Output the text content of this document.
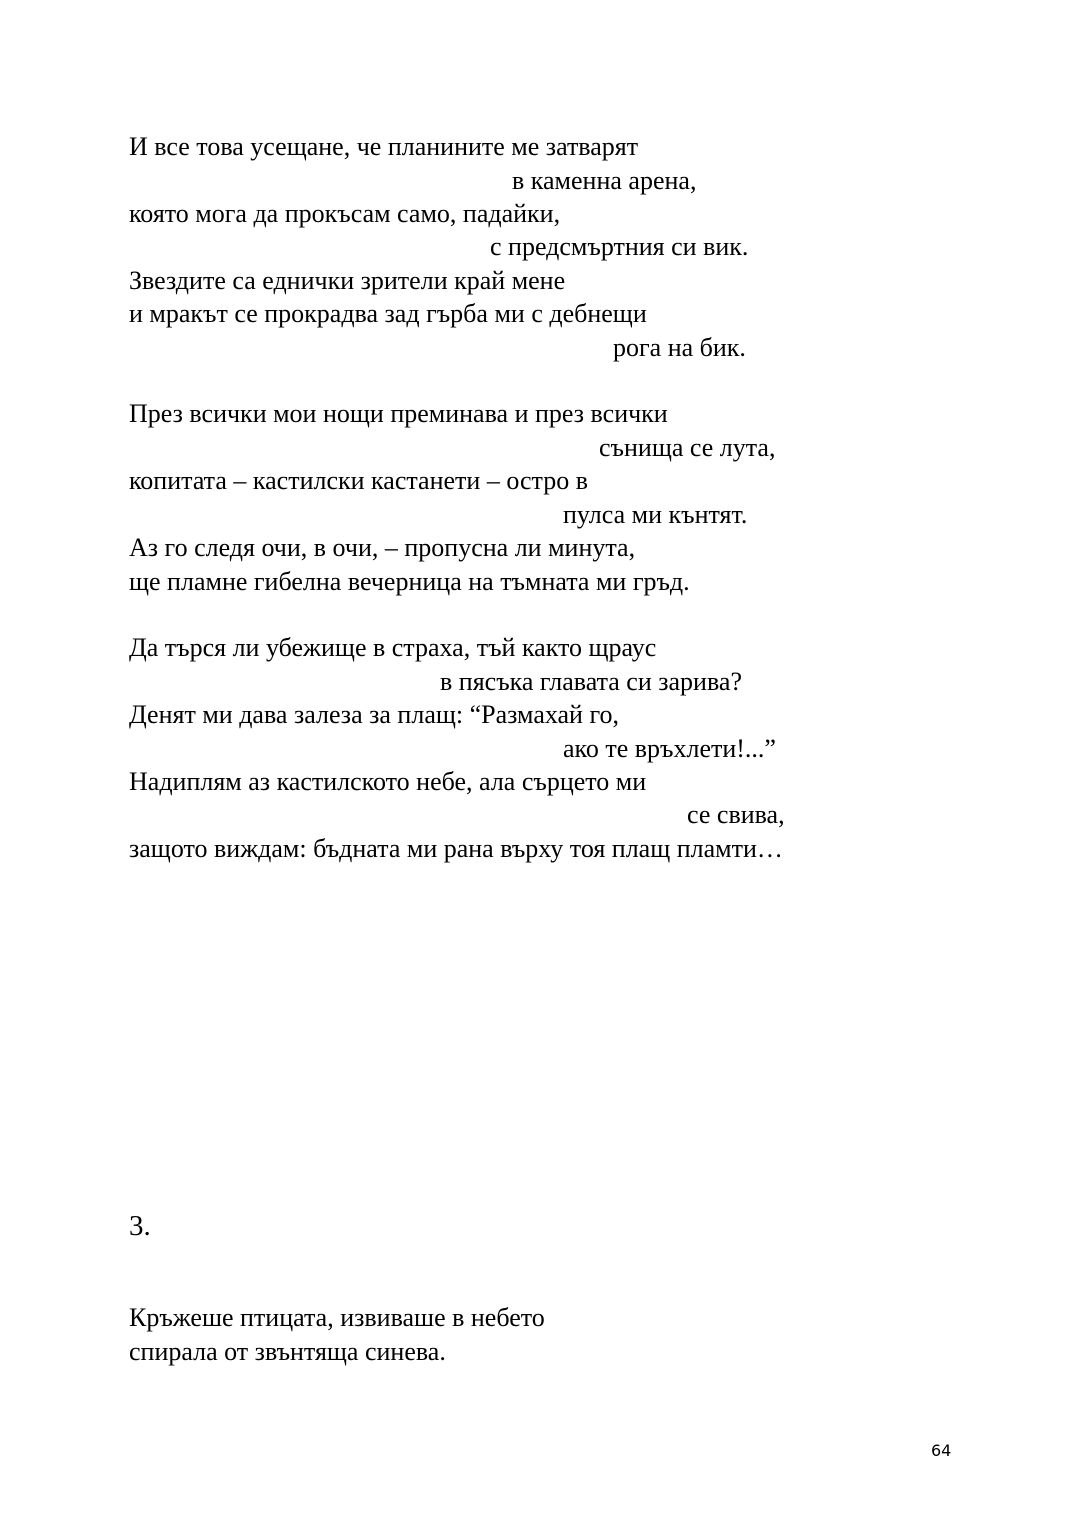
И все това усещане, че планините ме затварят
в каменна арена,
която мога да прокъсам само, падайки,
с предсмъртния си вик.
Звездите са еднички зрители край мене
и мракът се прокрадва зад гърба ми с дебнещи
рога на бик.
През всички мои нощи преминава и през всички
сънища се лута,
копитата – кастилски кастанети – остро в
пулса ми кънтят.
Аз го следя очи, в очи, – пропусна ли минута,
ще пламне гибелна вечерница на тъмната ми гръд.
Да търся ли убежище в страха, тъй както щраус
в пясъка главата си зарива?
Денят ми дава залеза за плащ: “Размахай го,
ако те връхлети!...”
Надиплям аз кастилското небе, ала сърцето ми
се свива,
защото виждам: бъдната ми рана върху тоя плащ пламти…
3.
Кръжеше птицата, извиваше в небето
спирала от звънтяща синева.
64
